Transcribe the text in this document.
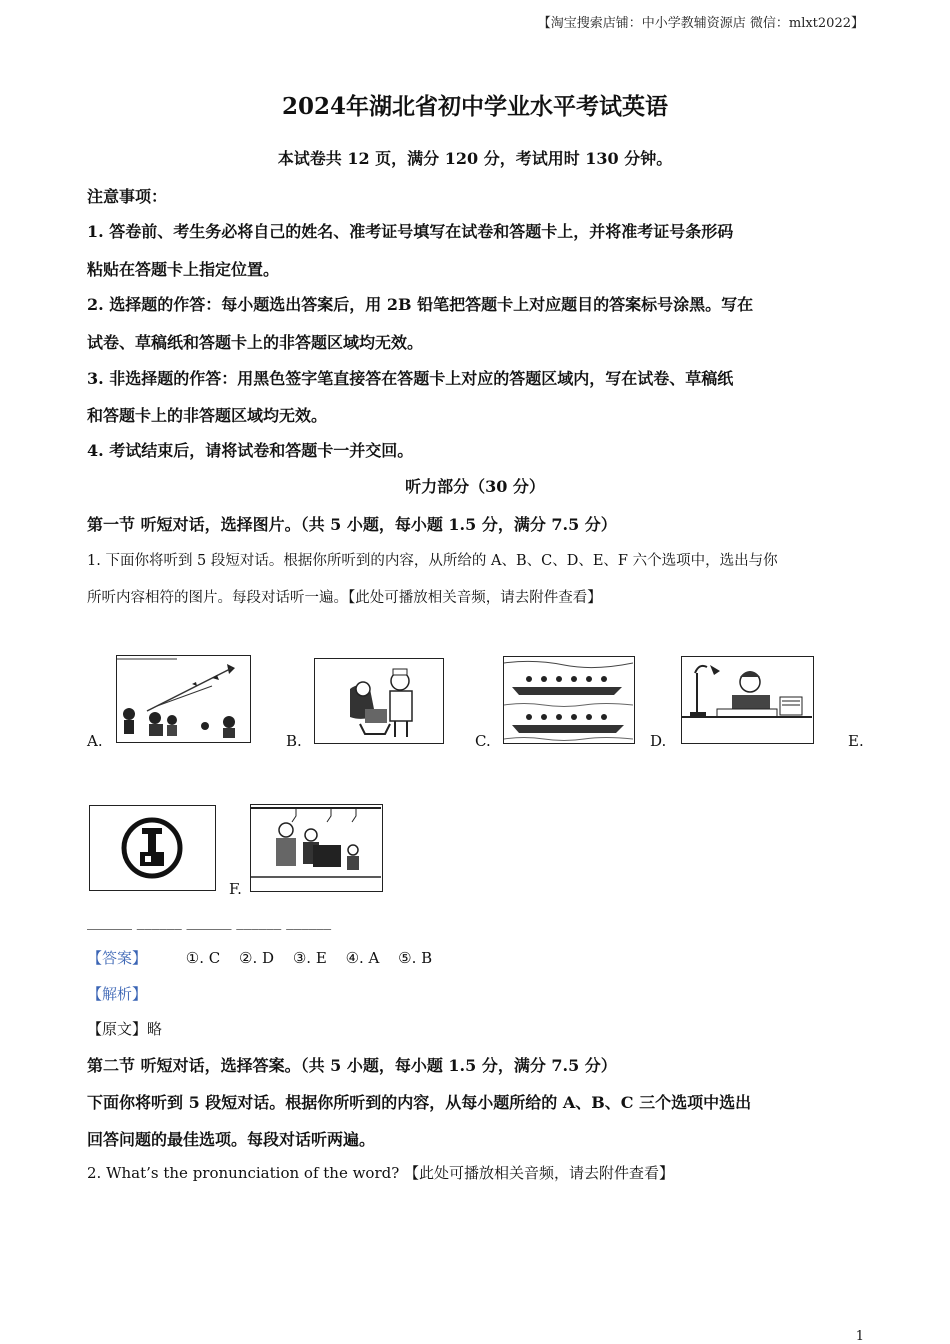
【淘宝搜索店铺：中小学教辅资源店 微信：mlxt2022】
2024年湖北省初中学业水平考试英语
本试卷共 12 页，满分 120 分，考试用时 130 分钟。
注意事项：
1. 答卷前、考生务必将自己的姓名、准考证号填写在试卷和答题卡上，并将准考证号条形码
粘贴在答题卡上指定位置。
2. 选择题的作答：每小题选出答案后，用 2B 铅笔把答题卡上对应题目的答案标号涂黑。写在
试卷、草稿纸和答题卡上的非答题区域均无效。
3. 非选择题的作答：用黑色签字笔直接答在答题卡上对应的答题区域内，写在试卷、草稿纸
和答题卡上的非答题区域均无效。
4. 考试结束后，请将试卷和答题卡一并交回。
听力部分（30 分）
第一节 听短对话，选择图片。（共 5 小题，每小题 1.5 分，满分 7.5 分）
1. 下面你将听到 5 段短对话。根据你所听到的内容，从所给的 A、B、C、D、E、F 六个选项中，选出与你
所听内容相符的图片。每段对话听一遍。【此处可播放相关音频，请去附件查看】
A.	B.	C.	D.	E.
F.
______ ______ ______ ______ ______
【答案】	①. C ②. D ③. E ④. A ⑤. B
【解析】
【原文】略
第二节 听短对话，选择答案。（共 5 小题，每小题 1.5 分，满分 7.5 分）
下面你将听到 5 段短对话。根据你所听到的内容，从每小题所给的 A、B、C 三个选项中选出
回答问题的最佳选项。每段对话听两遍。
2. What’s the pronunciation of the word? 【此处可播放相关音频，请去附件查看】
1
